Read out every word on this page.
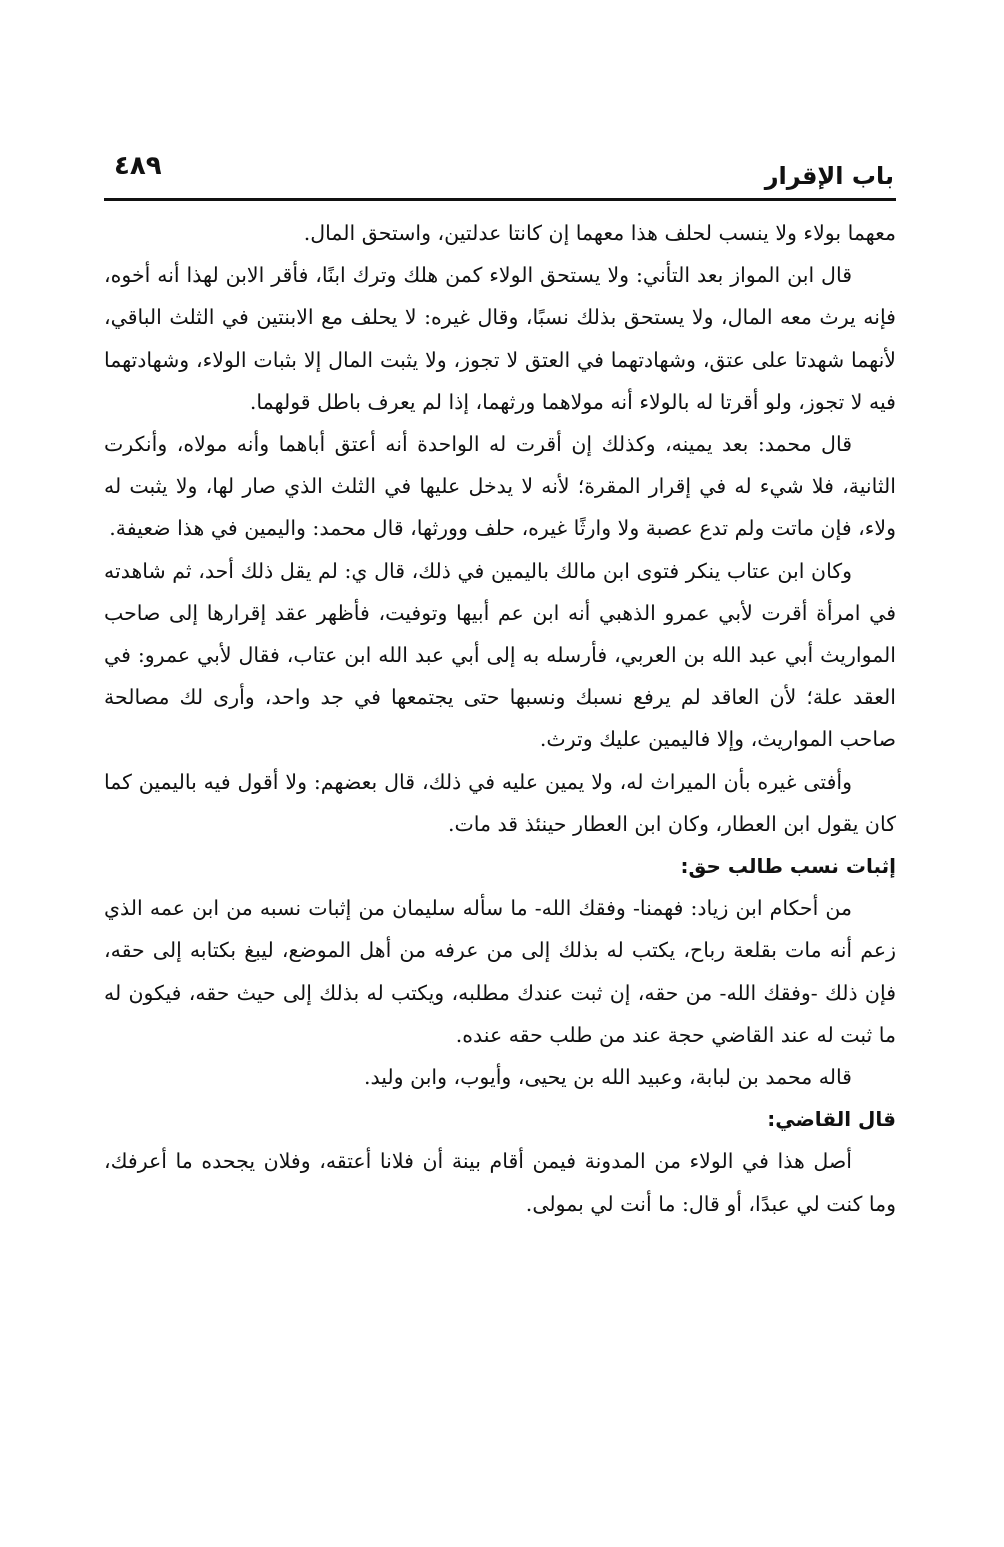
باب الإقرار
٤٨٩

معهما بولاء ولا ينسب لحلف هذا معهما إن كانتا عدلتين، واستحق المال.

قال ابن المواز بعد التأني: ولا يستحق الولاء كمن هلك وترك ابنًا، فأقر الابن لهذا أنه أخوه، فإنه يرث معه المال، ولا يستحق بذلك نسبًا، وقال غيره: لا يحلف مع الابنتين في الثلث الباقي، لأنهما شهدتا على عتق، وشهادتهما في العتق لا تجوز، ولا يثبت المال إلا بثبات الولاء، وشهادتهما فيه لا تجوز، ولو أقرتا له بالولاء أنه مولاهما ورثهما، إذا لم يعرف باطل قولهما.

قال محمد: بعد يمينه، وكذلك إن أقرت له الواحدة أنه أعتق أباهما وأنه مولاه، وأنكرت الثانية، فلا شيء له في إقرار المقرة؛ لأنه لا يدخل عليها في الثلث الذي صار لها، ولا يثبت له ولاء، فإن ماتت ولم تدع عصبة ولا وارثًا غيره، حلف وورثها، قال محمد: واليمين في هذا ضعيفة.

وكان ابن عتاب ينكر فتوى ابن مالك باليمين في ذلك، قال ي: لم يقل ذلك أحد، ثم شاهدته في امرأة أقرت لأبي عمرو الذهبي أنه ابن عم أبيها وتوفيت، فأظهر عقد إقرارها إلى صاحب المواريث أبي عبد الله بن العربي، فأرسله به إلى أبي عبد الله ابن عتاب، فقال لأبي عمرو: في العقد علة؛ لأن العاقد لم يرفع نسبك ونسبها حتى يجتمعها في جد واحد، وأرى لك مصالحة صاحب المواريث، وإلا فاليمين عليك وترث.

وأفتى غيره بأن الميراث له، ولا يمين عليه في ذلك، قال بعضهم: ولا أقول فيه باليمين كما كان يقول ابن العطار، وكان ابن العطار حينئذ قد مات.

إثبات نسب طالب حق:

من أحكام ابن زياد: فهمنا- وفقك الله- ما سأله سليمان من إثبات نسبه من ابن عمه الذي زعم أنه مات بقلعة رباح، يكتب له بذلك إلى من عرفه من أهل الموضع، ليبغ بكتابه إلى حقه، فإن ذلك -وفقك الله- من حقه، إن ثبت عندك مطلبه، ويكتب له بذلك إلى حيث حقه، فيكون له ما ثبت له عند القاضي حجة عند من طلب حقه عنده.

قاله محمد بن لبابة، وعبيد الله بن يحيى، وأيوب، وابن وليد.

قال القاضي:

أصل هذا في الولاء من المدونة فيمن أقام بينة أن فلانا أعتقه، وفلان يجحده ما أعرفك، وما كنت لي عبدًا، أو قال: ما أنت لي بمولى.
